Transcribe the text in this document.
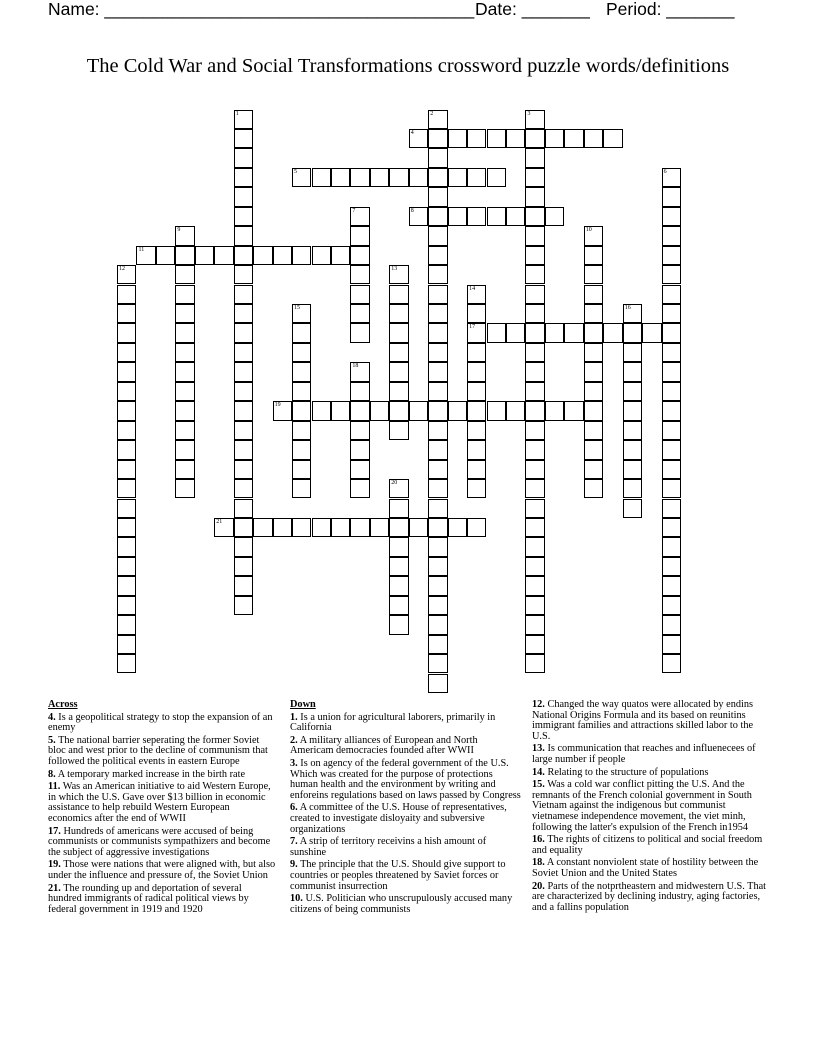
Name: ______________________________________ Date: _______ Period: _______
The Cold War and Social Transformations crossword puzzle words/definitions
1	2	3
4
5	6
7	8
9	10
11
12	13
14
17
15	16
18
19
20
21
Across
4. Is a geopolitical strategy to stop the expansion of an enemy
5. The national barrier seperating the former Soviet bloc and west prior to the decline of communism that followed the political events in eastern Europe
8. A temporary marked increase in the birth rate
11. Was an American initiative to aid Western Europe, in which the U.S. Gave over $13 billion in economic assistance to help rebuild Western European economics after the end of WWII
17. Hundreds of americans were accused of being communists or communists sympathizers and become the subject of aggressive investigations
19. Those were nations that were aligned with, but also under the influence and pressure of, the Soviet Union
21. The rounding up and deportation of several hundred immigrants of radical political views by federal government in 1919 and 1920
Down
1. Is a union for agricultural laborers, primarily in California
2. A military alliances of European and North Americam democracies founded after WWII
3. Is on agency of the federal government of the U.S. Which was created for the purpose of protections human health and the environment by writing and enforeins regulations based on laws passed by Congress
6. A committee of the U.S. House of representatives, created to investigate disloyaity and subversive organizations
7. A strip of territory receivins a hish amount of sunshine
9. The principle that the U.S. Should give support to countries or peoples threatened by Saviet forces or communist insurrection
10. U.S. Politician who unscrupulously accused many citizens of being communists
12. Changed the way quatos were allocated by endins National Origins Formula and its based on reunitins immigrant families and attractions skilled labor to the U.S.
13. Is communication that reaches and influenecees of large number if people
14. Relating to the structure of populations
15. Was a cold war conflict pitting the U.S. And the remnants of the French colonial government in South Vietnam against the indigenous but communist vietnamese independence movement, the viet minh, following the latter's expulsion of the French in1954
16. The rights of citizens to political and social freedom and equality
18. A constant nonviolent state of hostility between the Soviet Union and the United States
20. Parts of the notprtheastern and midwestern U.S. That are characterized by declining industry, aging factories, and a fallins population
